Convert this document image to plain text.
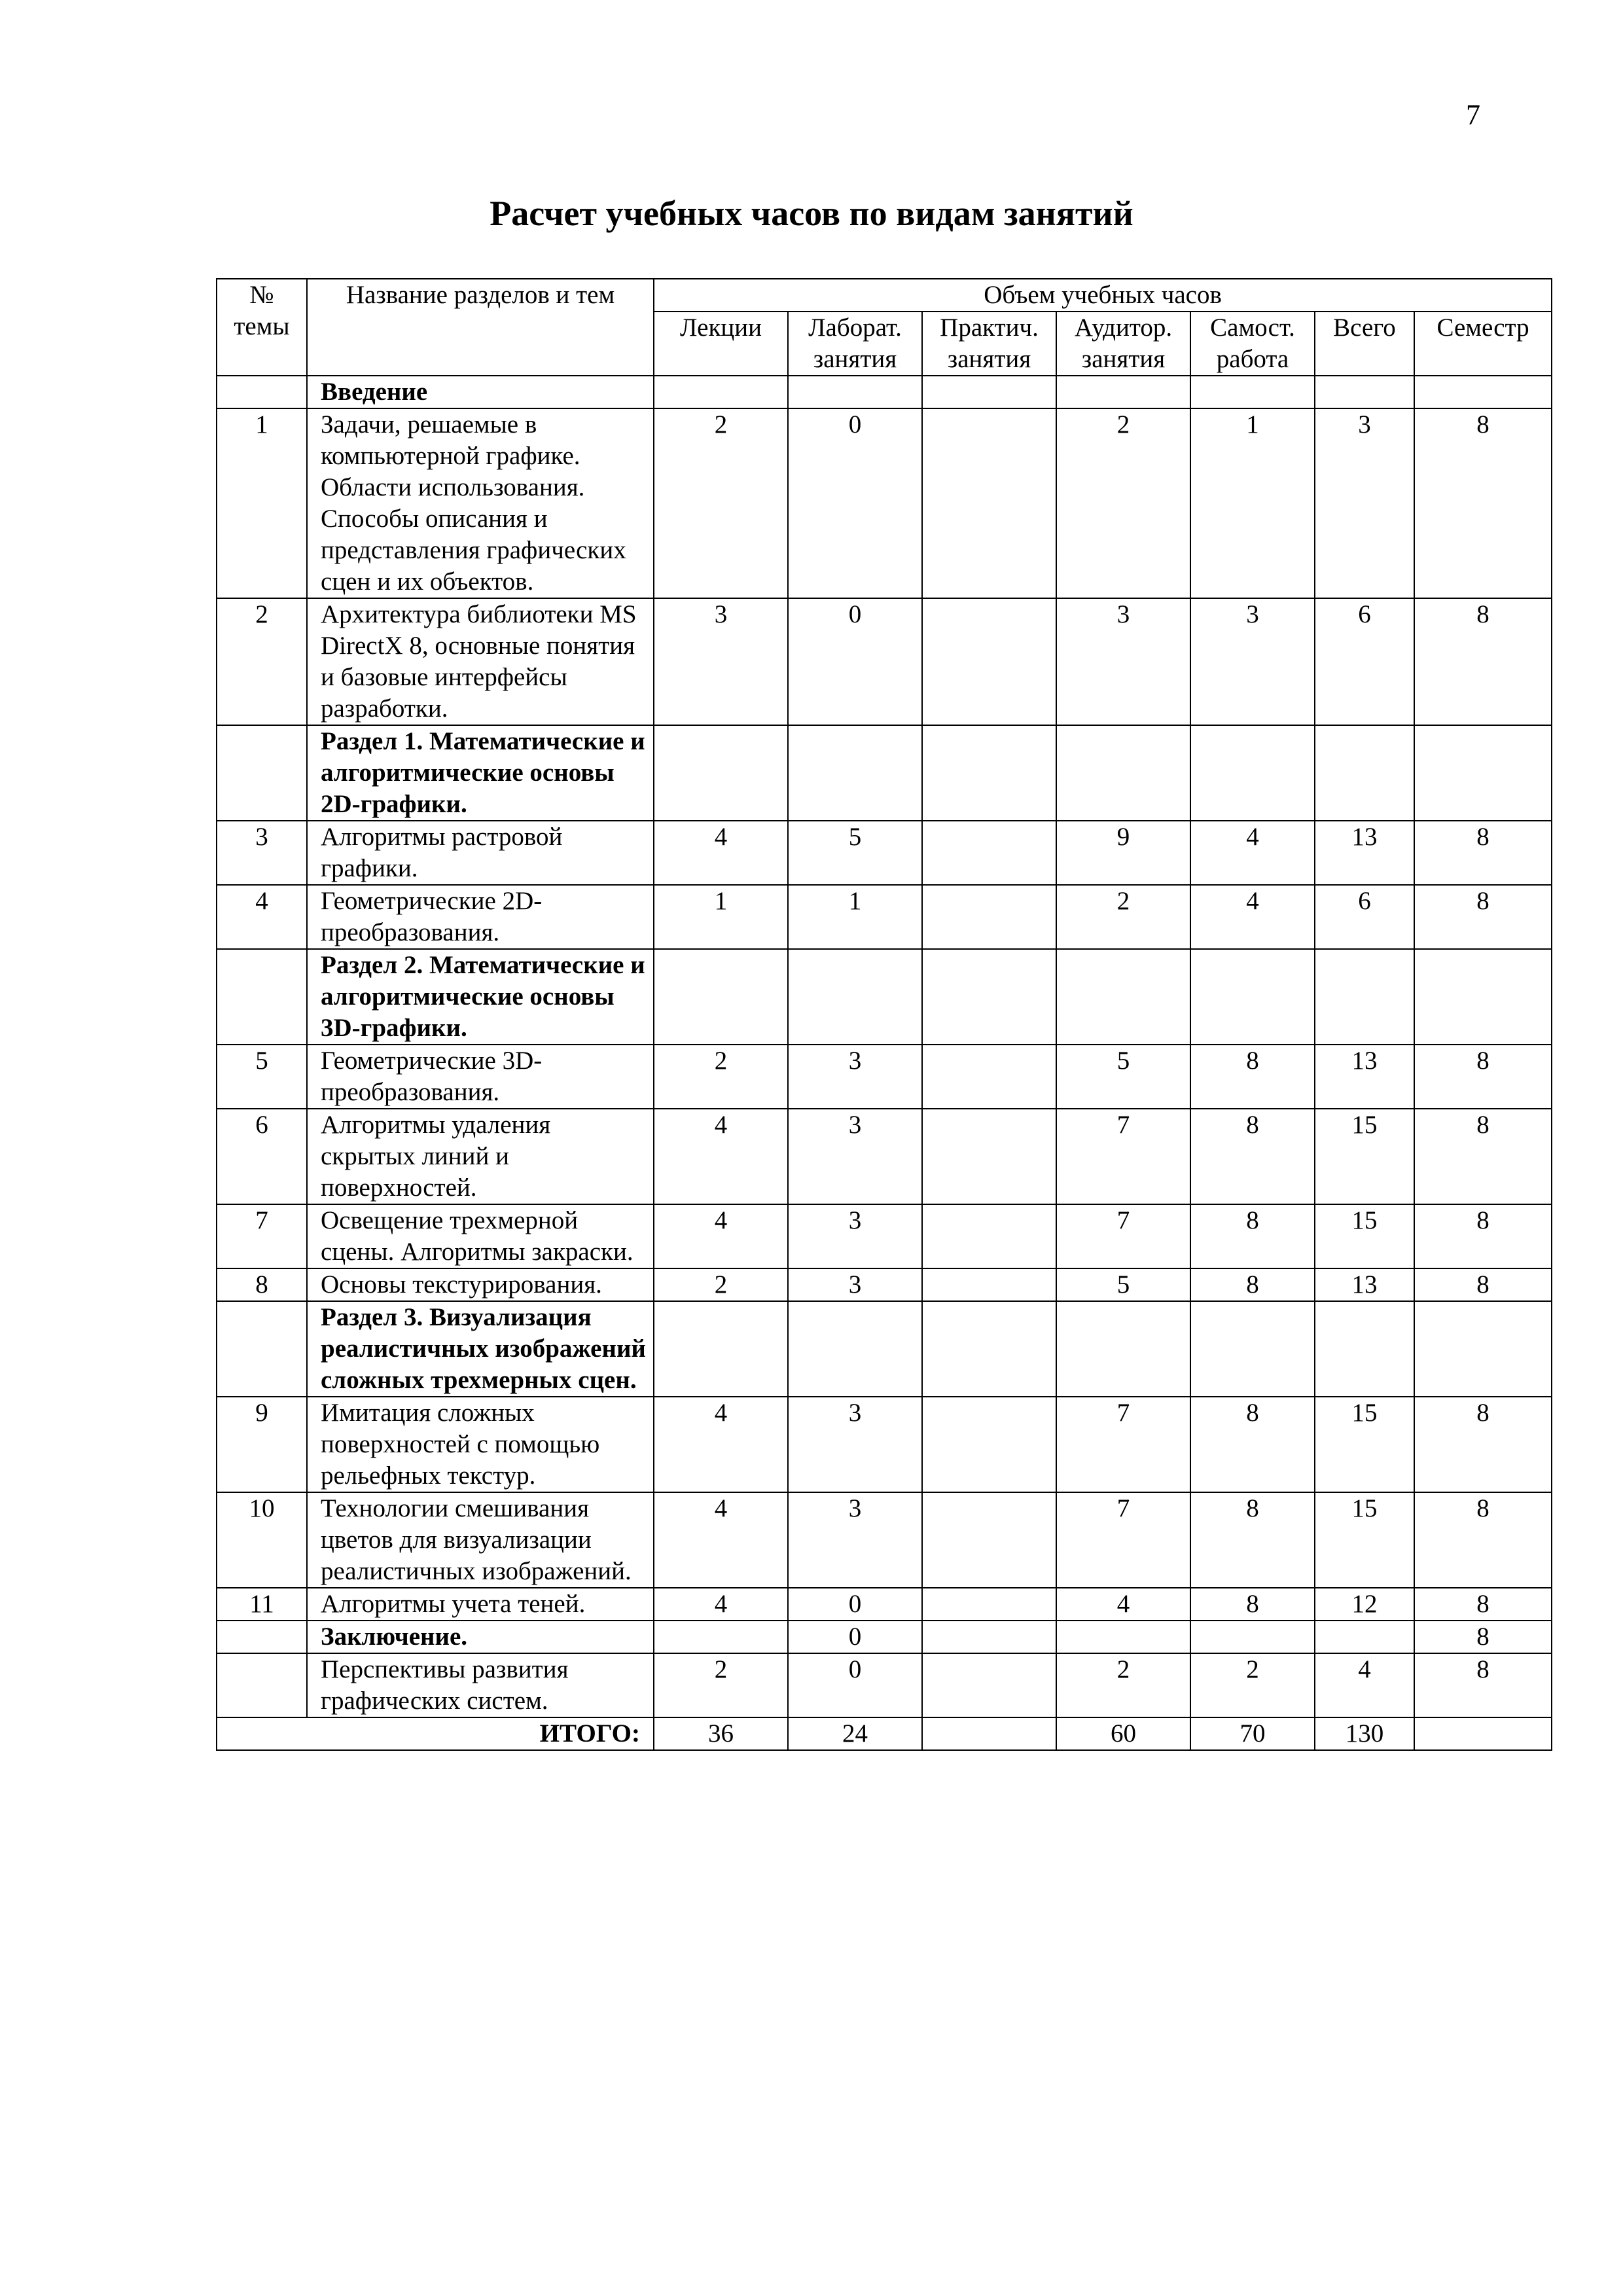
7
Расчет учебных часов по видам занятий
№ темы	Название разделов и тем	Объем учебных часов						
		Лекции	Лаборат. занятия	Практич. занятия	Аудитор. занятия	Самост. работа	Всего	Семестр
	Введение							
1	Задачи, решаемые в компьютерной графике. Области использования. Способы описания и представления графических сцен и их объектов.	2	0		2	1	3	8
2	Архитектура библиотеки MS DirectX 8, основные понятия и базовые интерфейсы разработки.	3	0		3	3	6	8
	Раздел 1. Математические и алгоритмические основы 2D-графики.							
3	Алгоритмы растровой графики.	4	5		9	4	13	8
4	Геометрические 2D-преобразования.	1	1		2	4	6	8
	Раздел 2. Математические и алгоритмические основы 3D-графики.							
5	Геометрические 3D-преобразования.	2	3		5	8	13	8
6	Алгоритмы удаления скрытых линий и поверхностей.	4	3		7	8	15	8
7	Освещение трехмерной сцены. Алгоритмы закраски.	4	3		7	8	15	8
8	Основы текстурирования.	2	3		5	8	13	8
	Раздел 3. Визуализация реалистичных изображений сложных трехмерных сцен.							
9	Имитация сложных поверхностей с помощью рельефных текстур.	4	3		7	8	15	8
10	Технологии смешивания цветов для визуализации реалистичных изображений.	4	3		7	8	15	8
11	Алгоритмы учета теней.	4	0		4	8	12	8
	Заключение.		0					8
	Перспективы развития графических систем.	2	0		2	2	4	8
ИТОГО:		36	24		60	70	130	
